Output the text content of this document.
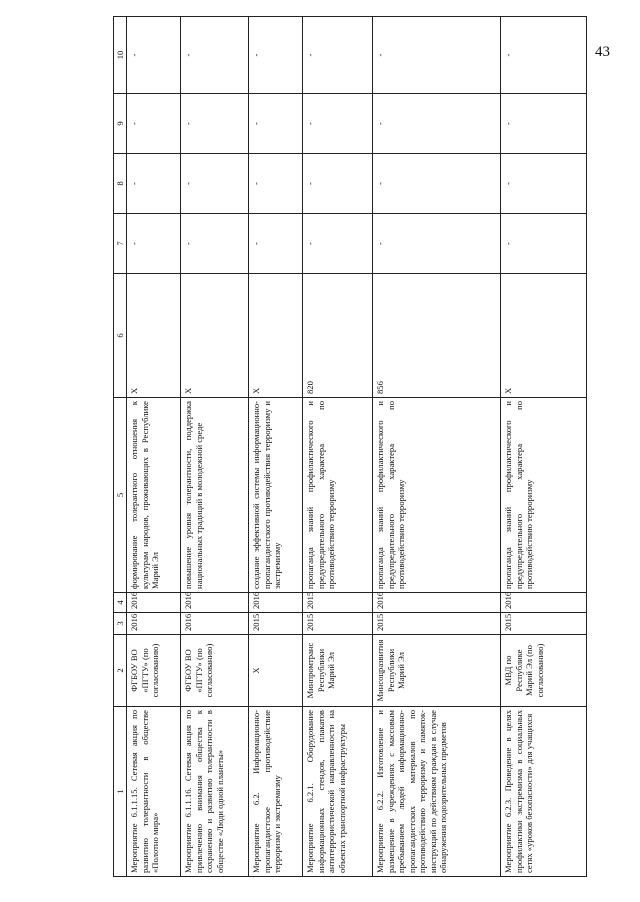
43
1	2	3	4	5	6	7	8	9	10
Мероприятие 6.1.1.15. Сетевая акция по развитию толерантности в обществе «Полотно мира»	ФГБОУ ВО «ПГТУ» (по согласованию)	2016	2016	формирование толерантного отношения к культурам народов, проживающих в Республике Марий Эл	Х	-	-	-	-
Мероприятие 6.1.1.16. Сетевая акция по привлечению внимания общества к сохранению и развитию толерантности в обществе «Люди одной планеты»	ФГБОУ ВО «ПГТУ» (по согласованию)	2016	2016	повышение уровня толерантности, поддержка национальных традиций в молодежной среде	Х	-	-	-	-
Мероприятие 6.2. Информационно-пропагандистское противодействие терроризму и экстремизму	Х	2015	2016	создание эффективной системы информационно-пропагандистского противодействия терроризму и экстремизму	Х	-	-	-	-
Мероприятие 6.2.1. Оборудование информационных стендов, плакатов антитеррористической направленности на объектах транспортной инфраструктуры	Минпромтранс Республики Марий Эл	2015	2015	пропаганда знаний профилактического и предупредительного характера по противодействию терроризму	820	-	-	-	-
Мероприятие 6.2.2. Изготовление и размещение в учреждениях с массовым пребыванием людей информационно-пропагандистских материалов по противодействию терроризму и памяток-инструкций по действиям граждан в случае обнаружения подозрительных предметов	Минсоцразвития Республики Марий Эл	2015	2016	пропаганда знаний профилактического и предупредительного характера по противодействию терроризму	856	-	-	-	-
Мероприятие 6.2.3. Проведение в целях профилактики экстремизма в социальных сетях «уроков безопасности» для учащихся	МВД по Республике Марий Эл (по согласованию)	2015	2016	пропаганда знаний профилактического и предупредительного характера по противодействию терроризму	Х	-	-	-	-
